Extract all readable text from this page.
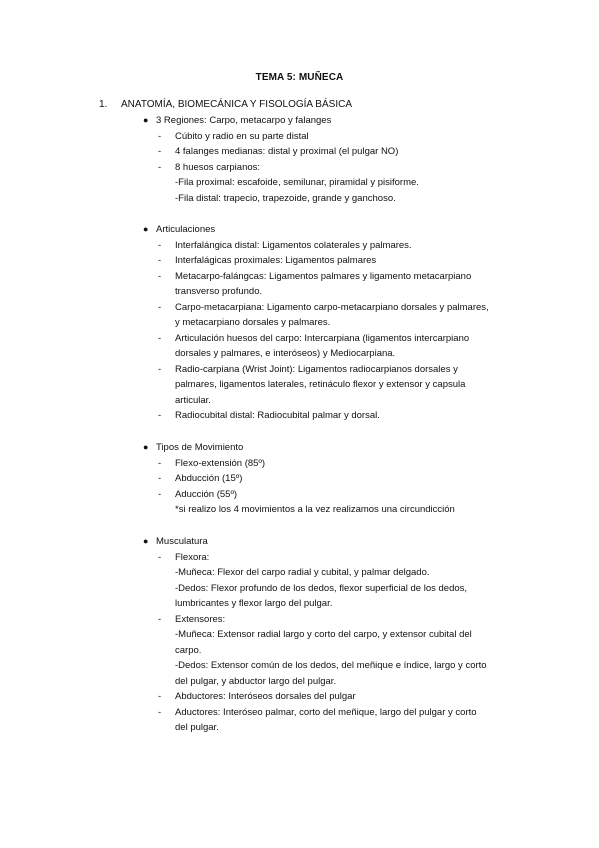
TEMA 5: MUÑECA
1. ANATOMÍA, BIOMECÁNICA Y FISOLOGÍA BÁSICA
● 3 Regiones: Carpo, metacarpo y falanges
- Cúbito y radio en su parte distal
- 4 falanges medianas: distal y proximal (el pulgar NO)
- 8 huesos carpianos:
-Fila proximal: escafoide, semilunar, piramidal y pisiforme.
-Fila distal: trapecio, trapezoide, grande y ganchoso.
● Articulaciones
- Interfalángica distal: Ligamentos colaterales y palmares.
- Interfalágicas proximales: Ligamentos palmares
- Metacarpo-falángcas: Ligamentos palmares y ligamento metacarpiano
transverso profundo.
- Carpo-metacarpiana: Ligamento carpo-metacarpiano dorsales y palmares,
y metacarpiano dorsales y palmares.
- Articulación huesos del carpo: Intercarpiana (ligamentos intercarpiano
dorsales y palmares, e interóseos) y Mediocarpiana.
- Radio-carpiana (Wrist Joint): Ligamentos radiocarpianos dorsales y
palmares, ligamentos laterales, retináculo flexor y extensor y capsula
articular.
- Radiocubital distal: Radiocubital palmar y dorsal.
● Tipos de Movimiento
- Flexo-extensión (85º)
- Abducción (15º)
- Aducción (55º)
*si realizo los 4 movimientos a la vez realizamos una circundicción
● Musculatura
- Flexora:
-Muñeca: Flexor del carpo radial y cubital, y palmar delgado.
-Dedos: Flexor profundo de los dedos, flexor superficial de los dedos,
lumbricantes y flexor largo del pulgar.
- Extensores:
-Muñeca: Extensor radial largo y corto del carpo, y extensor cubital del
carpo.
-Dedos: Extensor común de los dedos, del meñique e índice, largo y corto
del pulgar, y abductor largo del pulgar.
- Abductores: Interóseos dorsales del pulgar
- Aductores: Interóseo palmar, corto del meñique, largo del pulgar y corto
del pulgar.
